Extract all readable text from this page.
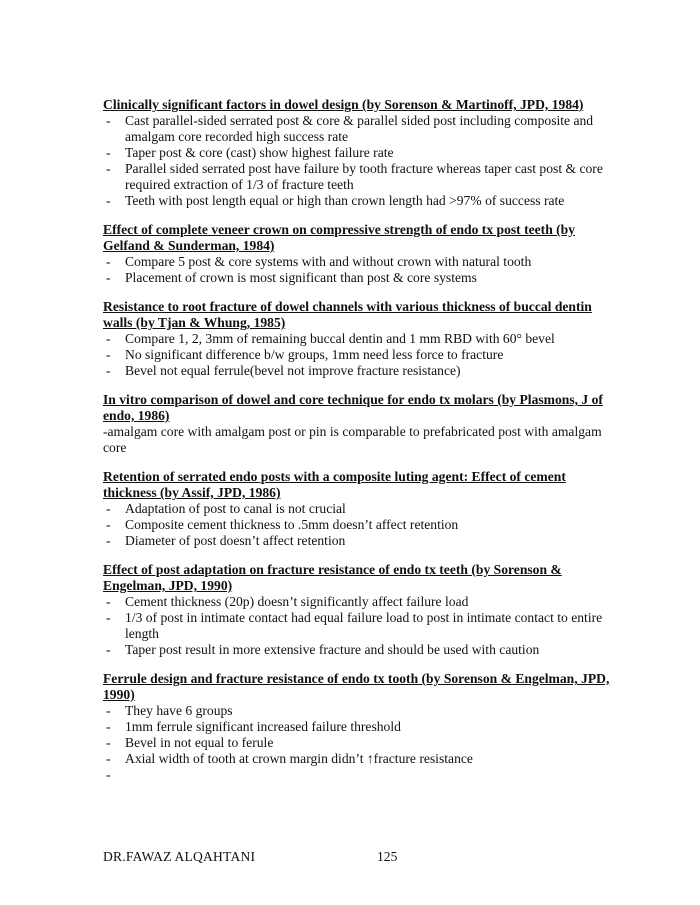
Clinically significant factors in dowel design (by Sorenson & Martinoff, JPD, 1984)

- Cast parallel-sided serrated post & core & parallel sided post including composite and amalgam core recorded high success rate
- Taper post & core (cast) show highest failure rate
- Parallel sided serrated post have failure by tooth fracture whereas taper cast post & core required extraction of 1/3 of fracture teeth
- Teeth with post length equal or high than crown length had >97% of success rate

Effect of complete veneer crown on compressive strength of endo tx post teeth (by Gelfand & Sunderman, 1984)

- Compare 5 post & core systems with and without crown with natural tooth
- Placement of crown is most significant than post & core systems

Resistance to root fracture of dowel channels with various thickness of buccal dentin walls (by Tjan & Whung, 1985)

- Compare 1, 2, 3mm of remaining buccal dentin and 1 mm RBD with 60° bevel
- No significant difference b/w groups, 1mm need less force to fracture
- Bevel not equal ferrule(bevel not improve fracture resistance)

In vitro comparison of dowel and core technique for endo tx molars (by Plasmons, J of endo, 1986)

-amalgam core with amalgam post or pin is comparable to prefabricated post with amalgam core

Retention of serrated endo posts with a composite luting agent: Effect of cement thickness (by Assif, JPD, 1986)

- Adaptation of post to canal is not crucial
- Composite cement thickness to .5mm doesn’t affect retention
- Diameter of post doesn’t affect retention

Effect of post adaptation on fracture resistance of endo tx teeth (by Sorenson & Engelman, JPD, 1990)

- Cement thickness (20p) doesn’t significantly affect failure load
- 1/3 of post in intimate contact had equal failure load to post in intimate contact to entire length
- Taper post result in more extensive fracture and should be used with caution

Ferrule design and fracture resistance of endo tx tooth (by Sorenson & Engelman, JPD, 1990)

- They have 6 groups
- 1mm ferrule significant increased failure threshold
- Bevel in not equal to ferule
- Axial width of tooth at crown margin didn’t ↑fracture resistance
-

DR.FAWAZ ALQAHTANI	125
